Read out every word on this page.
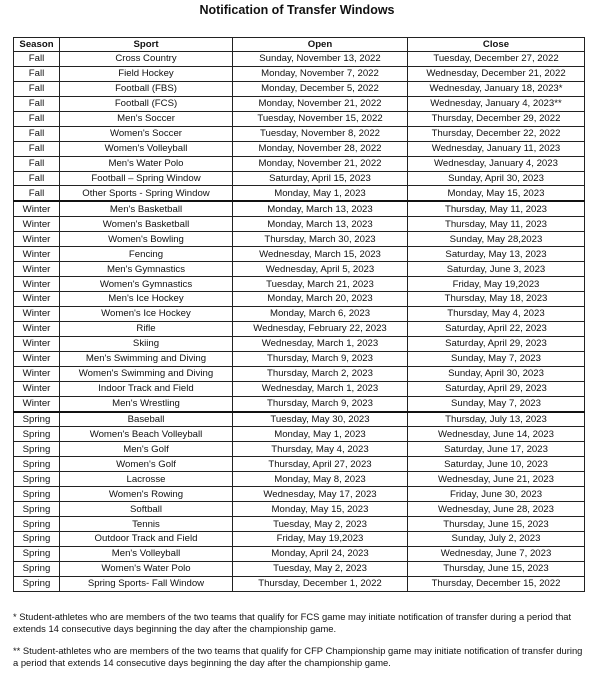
Notification of Transfer Windows
Season	Sport	Open	Close
Fall	Cross Country	Sunday, November 13, 2022	Tuesday, December 27, 2022
Fall	Field Hockey	Monday, November 7, 2022	Wednesday, December 21, 2022
Fall	Football (FBS)	Monday, December 5, 2022	Wednesday, January 18, 2023*
Fall	Football (FCS)	Monday, November 21, 2022	Wednesday, January 4, 2023**
Fall	Men's Soccer	Tuesday, November 15, 2022	Thursday, December 29, 2022
Fall	Women's Soccer	Tuesday, November 8, 2022	Thursday, December 22, 2022
Fall	Women's Volleyball	Monday, November 28, 2022	Wednesday, January 11, 2023
Fall	Men's Water Polo	Monday, November 21, 2022	Wednesday, January 4, 2023
Fall	Football – Spring Window	Saturday, April 15, 2023	Sunday, April 30, 2023
Fall	Other Sports - Spring Window	Monday, May 1, 2023	Monday, May 15, 2023
Winter	Men's Basketball	Monday, March 13, 2023	Thursday, May 11, 2023
Winter	Women's Basketball	Monday, March 13, 2023	Thursday, May 11, 2023
Winter	Women's Bowling	Thursday, March 30, 2023	Sunday, May 28,2023
Winter	Fencing	Wednesday, March 15, 2023	Saturday, May 13, 2023
Winter	Men's Gymnastics	Wednesday, April 5, 2023	Saturday, June 3, 2023
Winter	Women's Gymnastics	Tuesday, March 21, 2023	Friday, May 19,2023
Winter	Men's Ice Hockey	Monday, March 20, 2023	Thursday, May 18, 2023
Winter	Women's Ice Hockey	Monday, March 6, 2023	Thursday, May 4, 2023
Winter	Rifle	Wednesday, February 22, 2023	Saturday, April 22, 2023
Winter	Skiing	Wednesday, March 1, 2023	Saturday, April 29, 2023
Winter	Men's Swimming and Diving	Thursday, March 9, 2023	Sunday, May 7, 2023
Winter	Women's Swimming and Diving	Thursday, March 2, 2023	Sunday, April 30, 2023
Winter	Indoor Track and Field	Wednesday, March 1, 2023	Saturday, April 29, 2023
Winter	Men's Wrestling	Thursday, March 9, 2023	Sunday, May 7, 2023
Spring	Baseball	Tuesday, May 30, 2023	Thursday, July 13, 2023
Spring	Women's Beach Volleyball	Monday, May 1, 2023	Wednesday, June 14, 2023
Spring	Men's Golf	Thursday, May 4, 2023	Saturday, June 17, 2023
Spring	Women's Golf	Thursday, April 27, 2023	Saturday, June 10, 2023
Spring	Lacrosse	Monday, May 8, 2023	Wednesday, June 21, 2023
Spring	Women's Rowing	Wednesday, May 17, 2023	Friday, June 30, 2023
Spring	Softball	Monday, May 15, 2023	Wednesday, June 28, 2023
Spring	Tennis	Tuesday, May 2, 2023	Thursday, June 15, 2023
Spring	Outdoor Track and Field	Friday, May 19,2023	Sunday, July 2, 2023
Spring	Men's Volleyball	Monday, April 24, 2023	Wednesday, June 7, 2023
Spring	Women's Water Polo	Tuesday, May 2, 2023	Thursday, June 15, 2023
Spring	Spring Sports- Fall Window	Thursday, December 1, 2022	Thursday, December 15, 2022

* Student-athletes who are members of the two teams that qualify for FCS game may initiate notification of transfer during a period that extends 14 consecutive days beginning the day after the championship game.

** Student-athletes who are members of the two teams that qualify for CFP Championship game may initiate notification of transfer during a period that extends 14 consecutive days beginning the day after the championship game.
